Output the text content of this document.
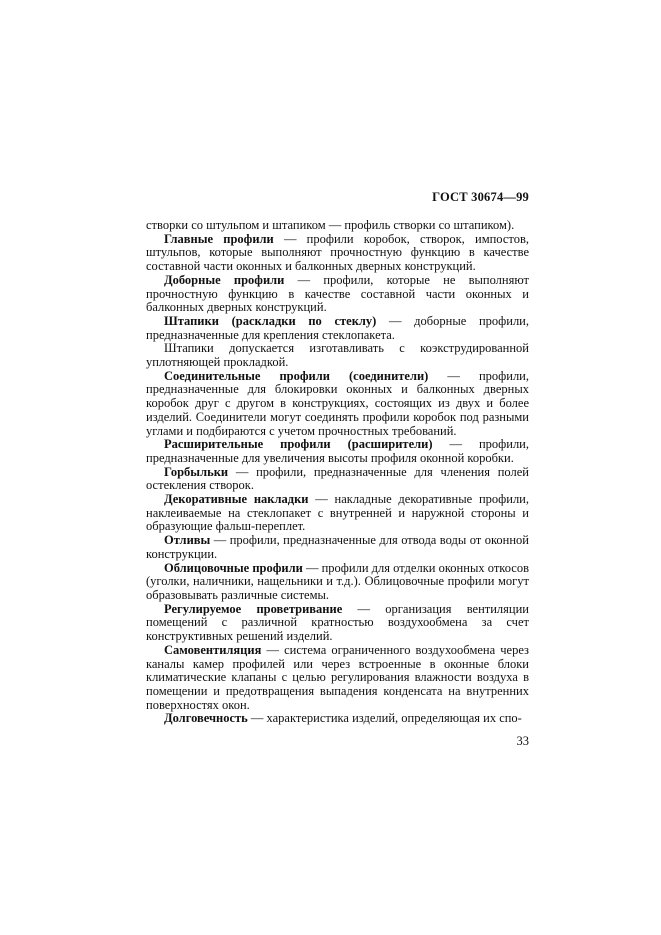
ГОСТ 30674—99

створки со штульпом и штапиком — профиль створки со штапиком).

Главные профили — профили коробок, створок, импостов, штульпов, которые выполняют прочностную функцию в качестве составной части оконных и балконных дверных конструкций.

Доборные профили — профили, которые не выполняют прочностную функцию в качестве составной части оконных и балконных дверных конструкций.

Штапики (раскладки по стеклу) — доборные профили, предназначенные для крепления стеклопакета.

Штапики допускается изготавливать с коэкструдированной уплотняющей прокладкой.

Соединительные профили (соединители) — профили, предназначенные для блокировки оконных и балконных дверных коробок друг с другом в конструкциях, состоящих из двух и более изделий. Соединители могут соединять профили коробок под разными углами и подбираются с учетом прочностных требований.

Расширительные профили (расширители) — профили, предназначенные для увеличения высоты профиля оконной коробки.

Горбыльки — профили, предназначенные для членения полей остекления створок.

Декоративные накладки — накладные декоративные профили, наклеиваемые на стеклопакет с внутренней и наружной стороны и образующие фальш-переплет.

Отливы — профили, предназначенные для отвода воды от оконной конструкции.

Облицовочные профили — профили для отделки оконных откосов (уголки, наличники, нащельники и т.д.). Облицовочные профили могут образовывать различные системы.

Регулируемое проветривание — организация вентиляции помещений с различной кратностью воздухообмена за счет конструктивных решений изделий.

Самовентиляция — система ограниченного воздухообмена через каналы камер профилей или через встроенные в оконные блоки климатические клапаны с целью регулирования влажности воздуха в помещении и предотвращения выпадения конденсата на внутренних поверхностях окон.

Долговечность — характеристика изделий, определяющая их спо-

33
